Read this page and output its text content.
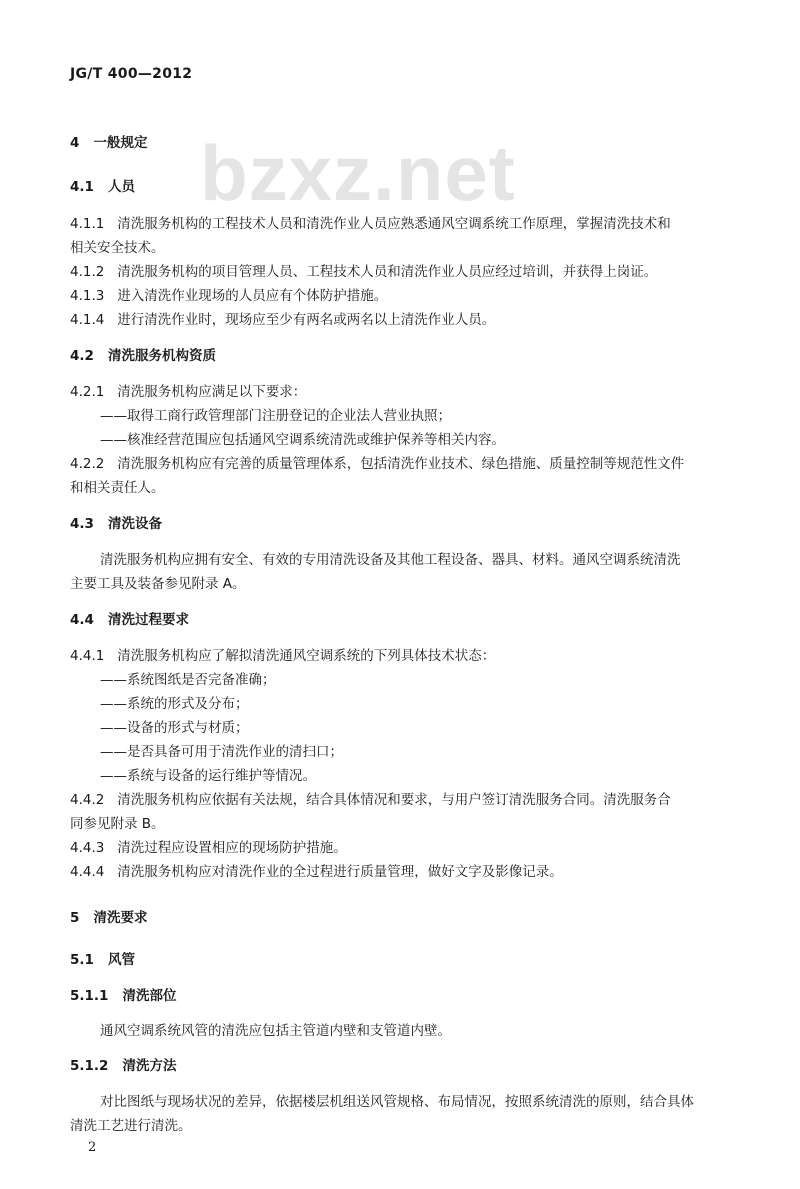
JG/T 400—2012
bzxz.net
4 一般规定
4.1 人员
4.1.1 清洗服务机构的工程技术人员和清洗作业人员应熟悉通风空调系统工作原理，掌握清洗技术和
相关安全技术。
4.1.2 清洗服务机构的项目管理人员、工程技术人员和清洗作业人员应经过培训，并获得上岗证。
4.1.3 进入清洗作业现场的人员应有个体防护措施。
4.1.4 进行清洗作业时，现场应至少有两名或两名以上清洗作业人员。
4.2 清洗服务机构资质
4.2.1 清洗服务机构应满足以下要求：
——取得工商行政管理部门注册登记的企业法人营业执照；
——核准经营范围应包括通风空调系统清洗或维护保养等相关内容。
4.2.2 清洗服务机构应有完善的质量管理体系，包括清洗作业技术、绿色措施、质量控制等规范性文件
和相关责任人。
4.3 清洗设备
清洗服务机构应拥有安全、有效的专用清洗设备及其他工程设备、器具、材料。通风空调系统清洗
主要工具及装备参见附录 A。
4.4 清洗过程要求
4.4.1 清洗服务机构应了解拟清洗通风空调系统的下列具体技术状态：
——系统图纸是否完备准确；
——系统的形式及分布；
——设备的形式与材质；
——是否具备可用于清洗作业的清扫口；
——系统与设备的运行维护等情况。
4.4.2 清洗服务机构应依据有关法规，结合具体情况和要求，与用户签订清洗服务合同。清洗服务合
同参见附录 B。
4.4.3 清洗过程应设置相应的现场防护措施。
4.4.4 清洗服务机构应对清洗作业的全过程进行质量管理，做好文字及影像记录。
5 清洗要求
5.1 风管
5.1.1 清洗部位
通风空调系统风管的清洗应包括主管道内壁和支管道内壁。
5.1.2 清洗方法
对比图纸与现场状况的差异，依据楼层机组送风管规格、布局情况，按照系统清洗的原则，结合具体
清洗工艺进行清洗。
2
